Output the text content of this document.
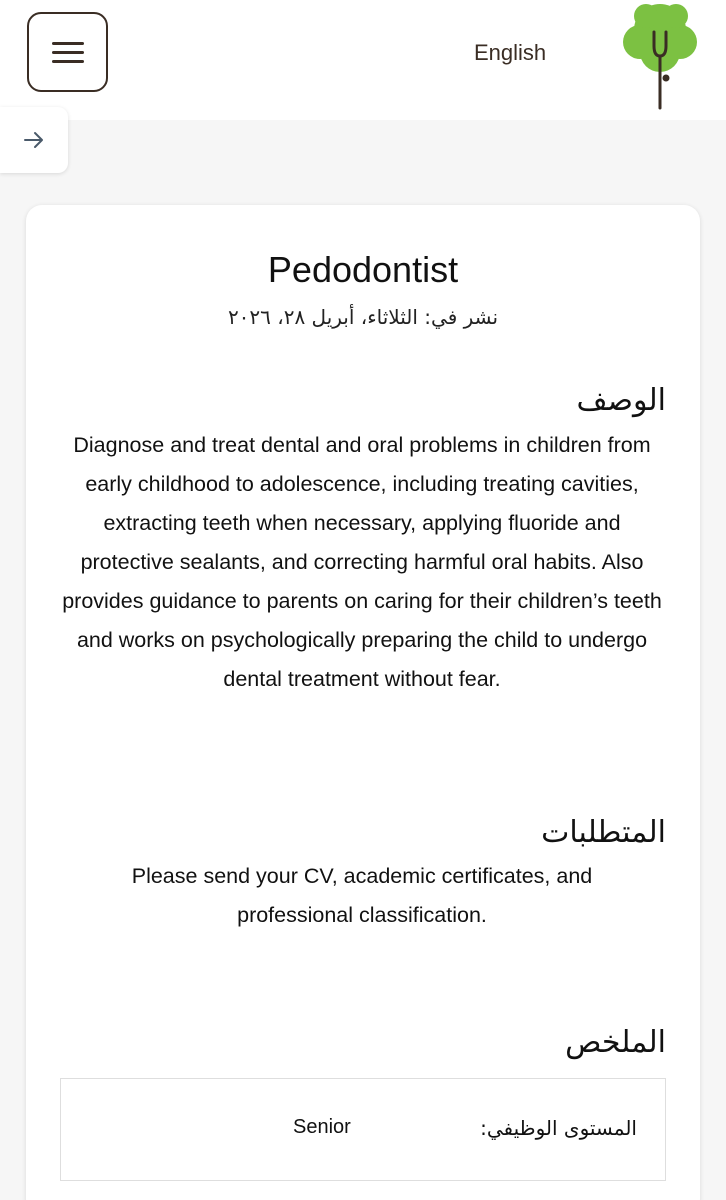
English
Pedodontist
نشر في: الثلاثاء، أبريل ٢٨، ٢٠٢٦
الوصف
Diagnose and treat dental and oral problems in children from early childhood to adolescence, including treating cavities, extracting teeth when necessary, applying fluoride and protective sealants, and correcting harmful oral habits. Also provides guidance to parents on caring for their children’s teeth and works on psychologically preparing the child to undergo dental treatment without fear.
المتطلبات
Please send your CV, academic certificates, and professional classification.
الملخص
المستوى الوظيفي:
Senior
